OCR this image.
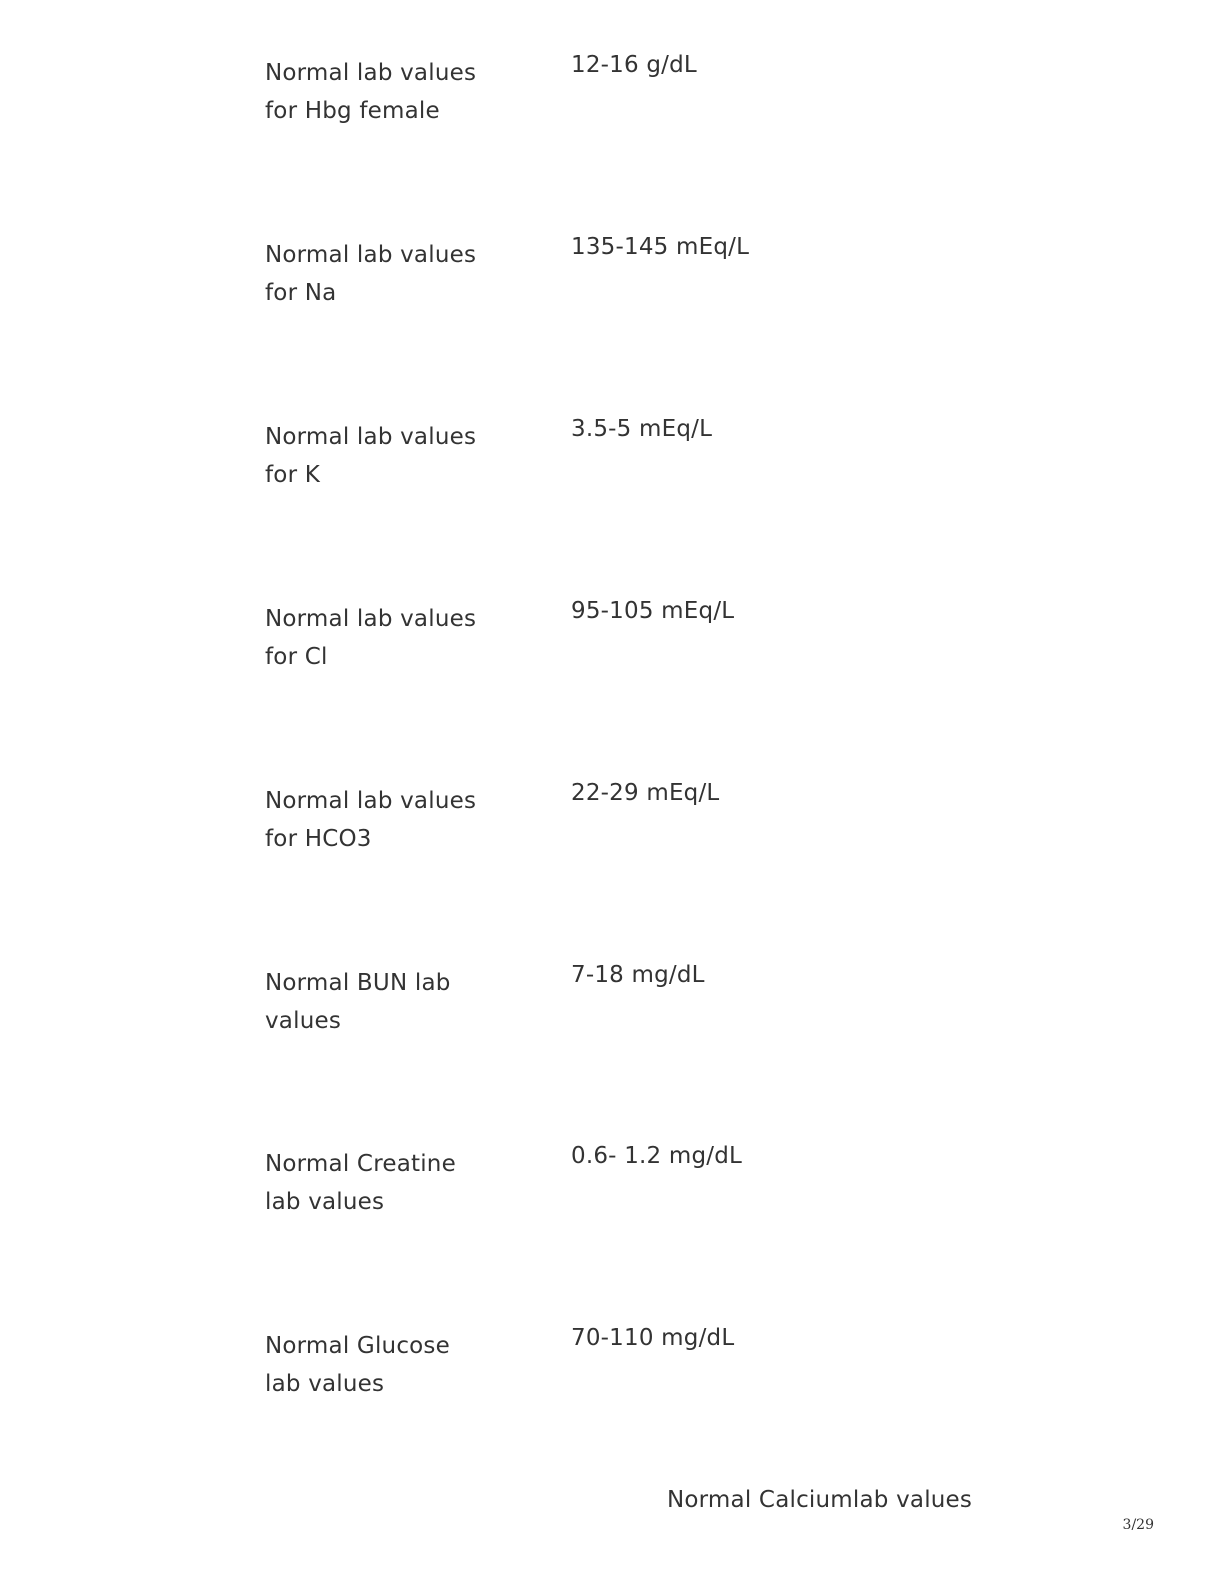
Normal lab values
for Hbg female
12-16 g/dL
Normal lab values
for Na
135-145 mEq/L
Normal lab values
for K
3.5-5 mEq/L
Normal lab values
for Cl
95-105 mEq/L
Normal lab values
for HCO3
22-29 mEq/L
Normal BUN lab
values
7-18 mg/dL
Normal Creatine
lab values
0.6- 1.2 mg/dL
Normal Glucose
lab values
70-110 mg/dL
Normal Calciumlab values
3/29
